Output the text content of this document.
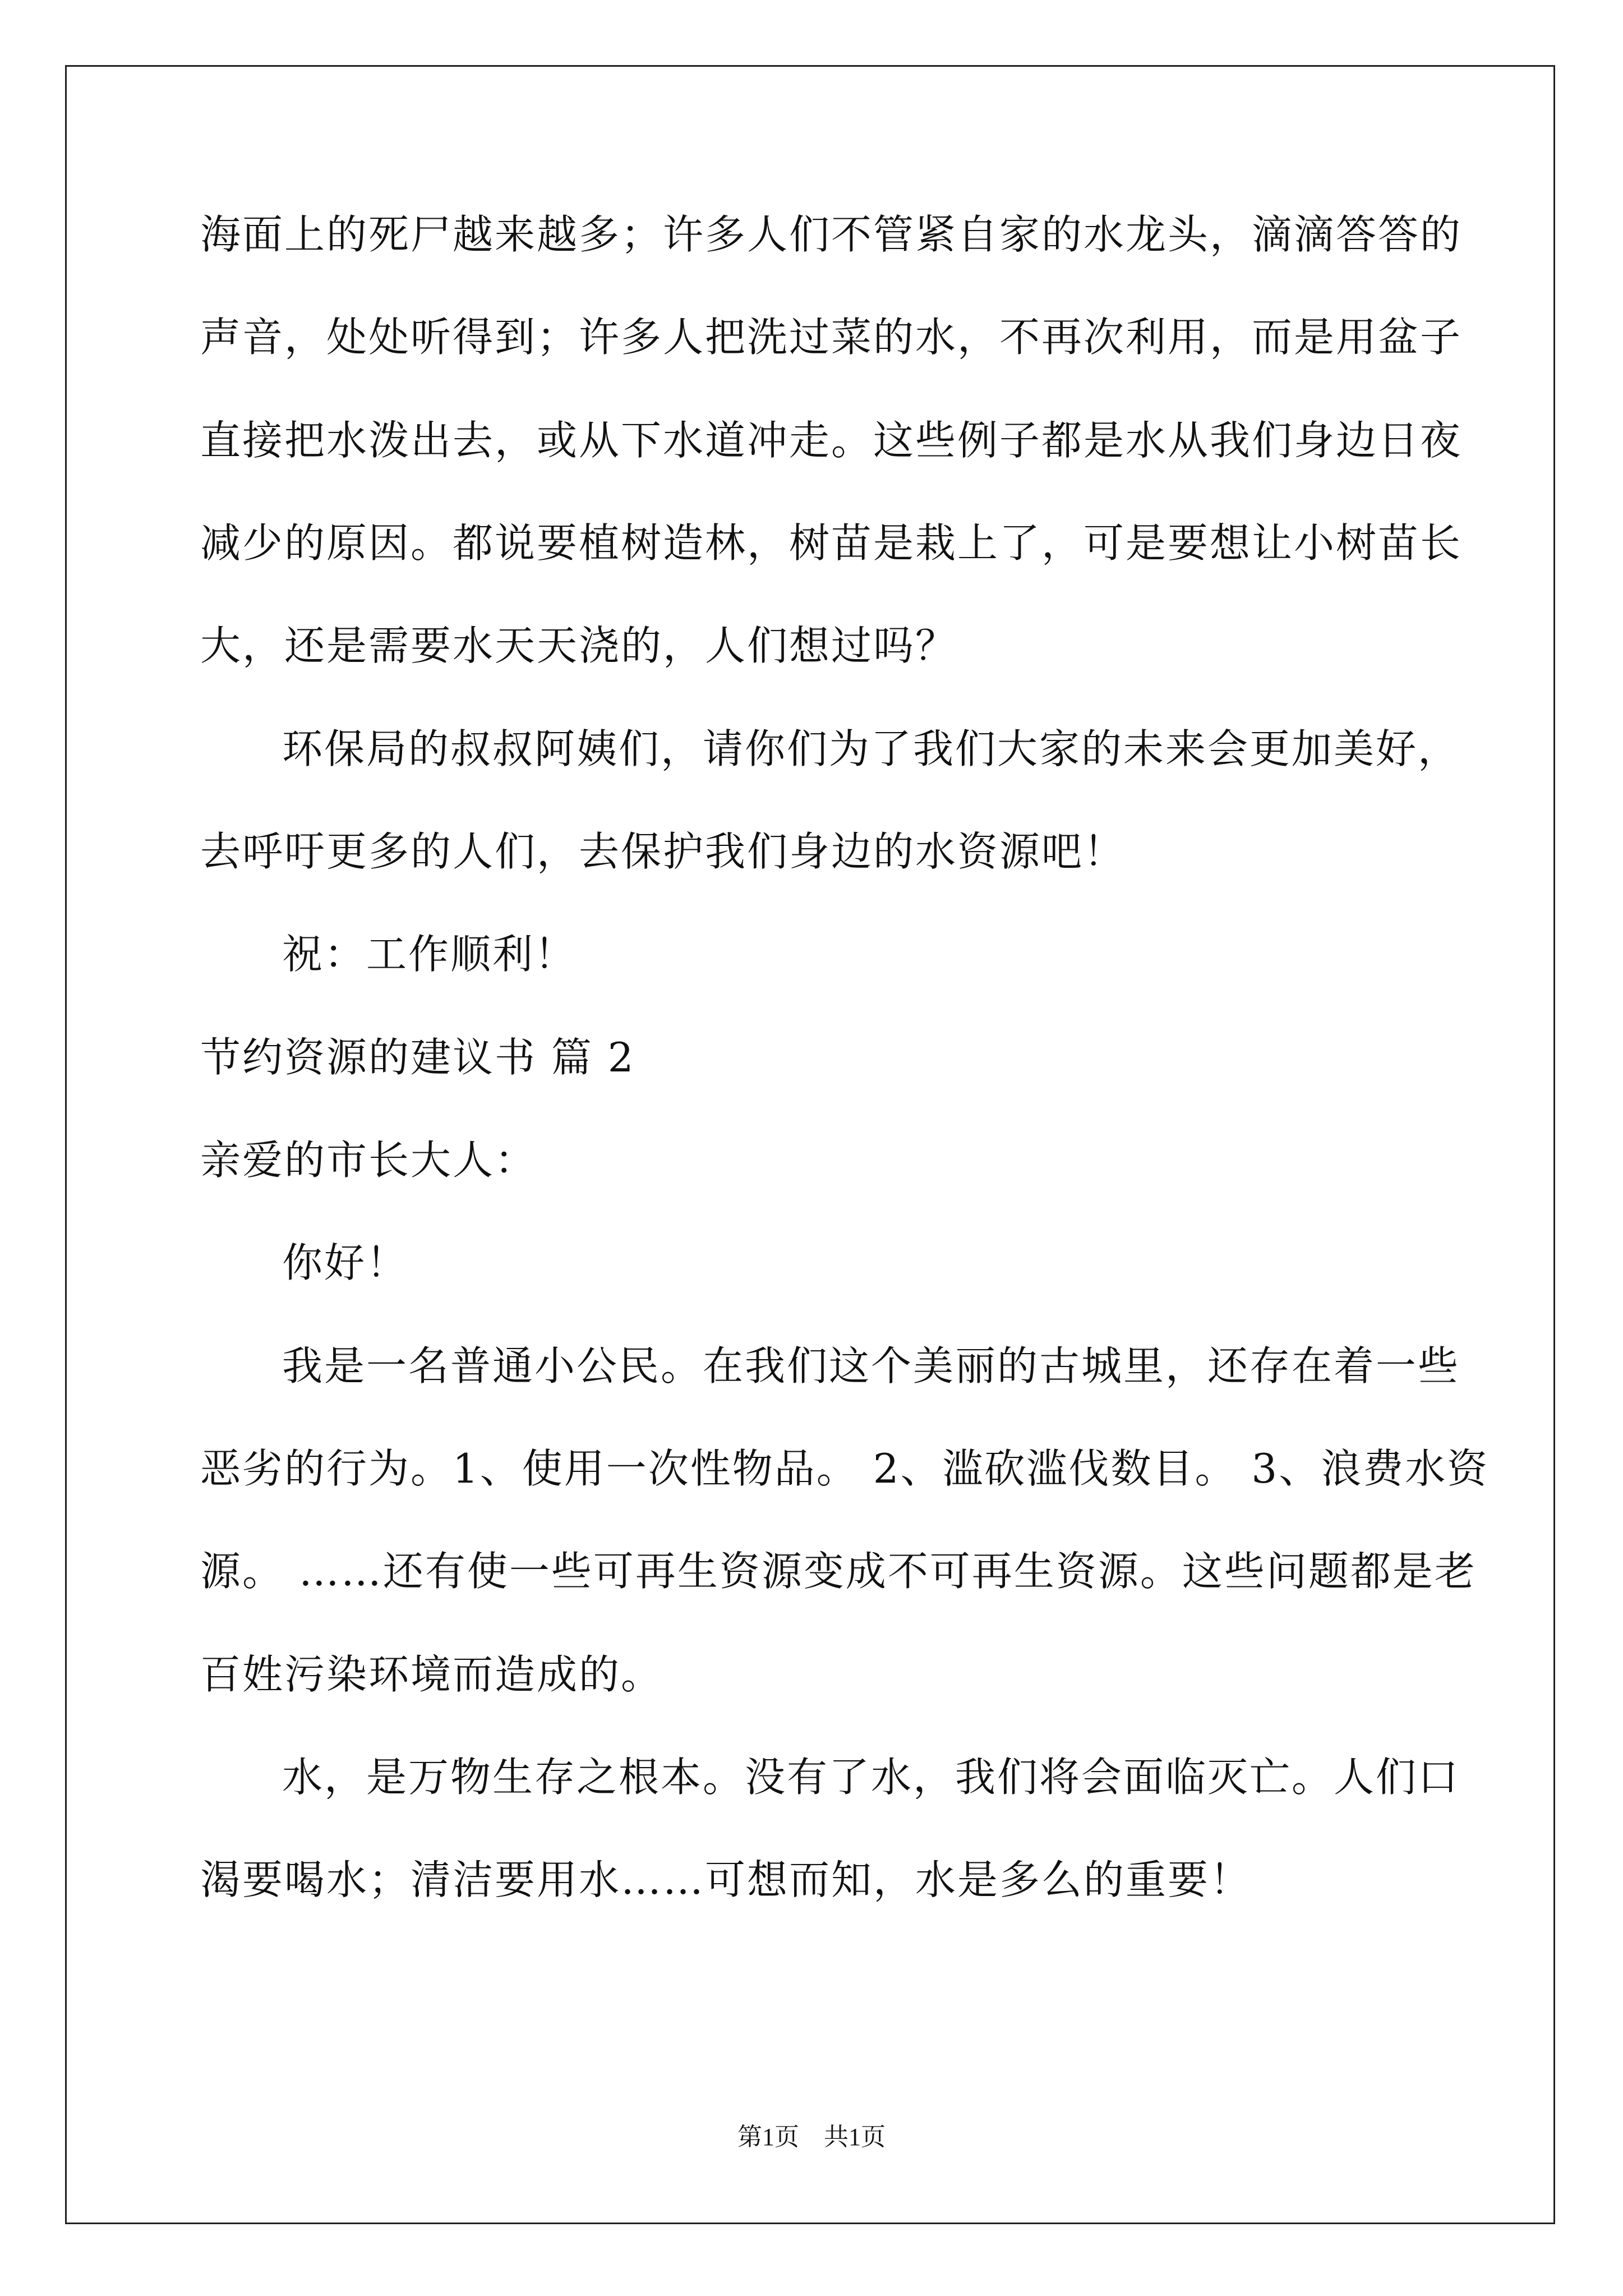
海面上的死尸越来越多；许多人们不管紧自家的水龙头，滴滴答答的
声音，处处听得到；许多人把洗过菜的水，不再次利用，而是用盆子
直接把水泼出去，或从下水道冲走。这些例子都是水从我们身边日夜
减少的原因。都说要植树造林，树苗是栽上了，可是要想让小树苗长
大，还是需要水天天浇的，人们想过吗？
环保局的叔叔阿姨们，请你们为了我们大家的未来会更加美好，
去呼吁更多的人们，去保护我们身边的水资源吧！
祝：工作顺利！
节约资源的建议书 篇 2
亲爱的市长大人：
你好！
我是一名普通小公民。在我们这个美丽的古城里，还存在着一些
恶劣的行为。1、使用一次性物品。 2、滥砍滥伐数目。 3、浪费水资
源。 ……还有使一些可再生资源变成不可再生资源。这些问题都是老
百姓污染环境而造成的。
水，是万物生存之根本。没有了水，我们将会面临灭亡。人们口
渴要喝水；清洁要用水……可想而知，水是多么的重要！
第1页　共1页
